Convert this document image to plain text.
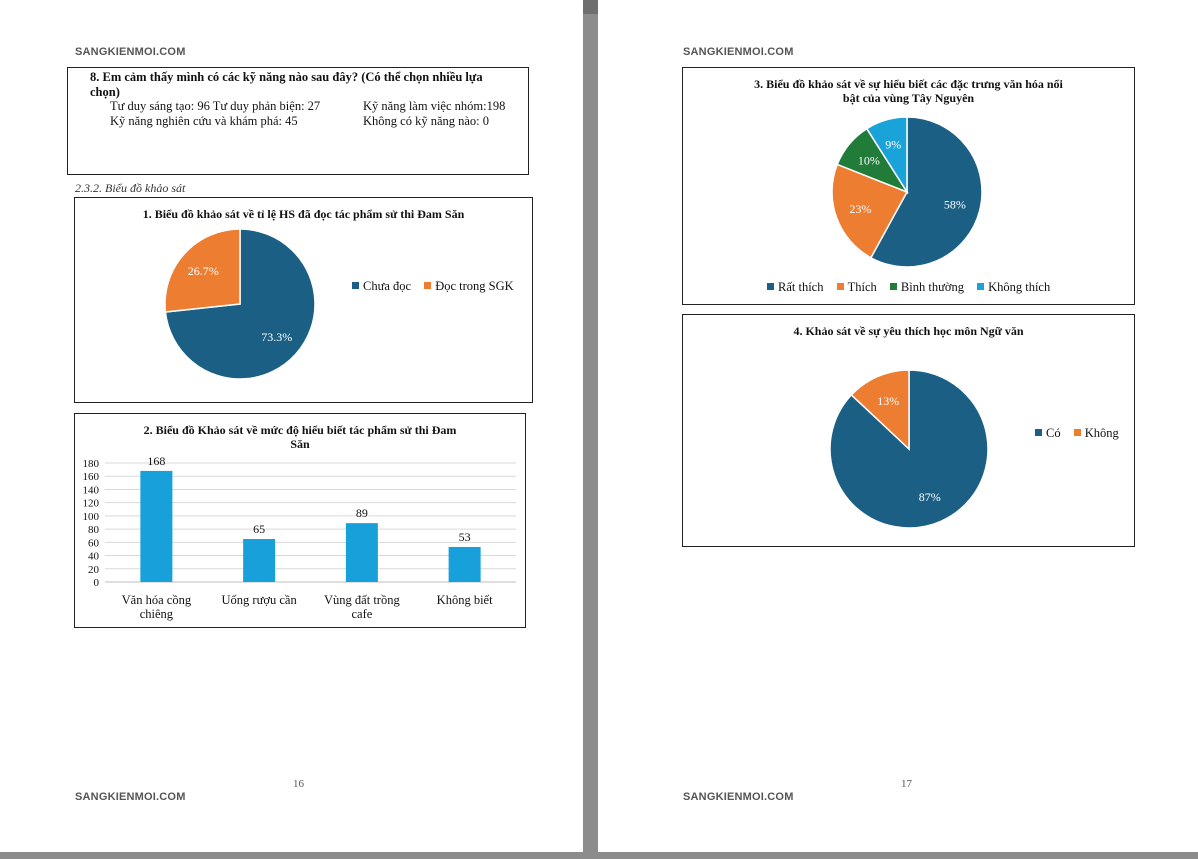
SANGKIENMOI.COM
8. Em cảm thấy mình có các kỹ năng nào sau đây? (Có thể chọn nhiều lựa chọn)
Tư duy sáng tạo: 96 Tư duy phản biện: 27	Kỹ năng làm việc nhóm:198
Kỹ năng nghiên cứu và khám phá: 45	Không có kỹ năng nào: 0
2.3.2. Biểu đồ khảo sát
1. Biểu đồ khảo sát về tỉ lệ HS đã đọc tác phẩm sử thi Đam Săn
73.3%
26.7%
Chưa đọc Đọc trong SGK
2. Biểu đồ Khảo sát về mức độ hiểu biết tác phẩm sử thi Đam
Săn
0
20
40
60
80
100
120
140
160
180	168
Văn hóa cồng
chiêng
65
Uống rượu cần
89
Vùng đất trồng
cafe
53
Không biết
16
SANGKIENMOI.COM
SANGKIENMOI.COM
3. Biểu đồ khảo sát về sự hiểu biết các đặc trưng văn hóa nổi
bật của vùng Tây Nguyên
58%
23%
10%
9%
Rất thích Thích Bình thường Không thích
4. Khảo sát về sự yêu thích học môn Ngữ văn
87%
13%
Có Không
17
SANGKIENMOI.COM
